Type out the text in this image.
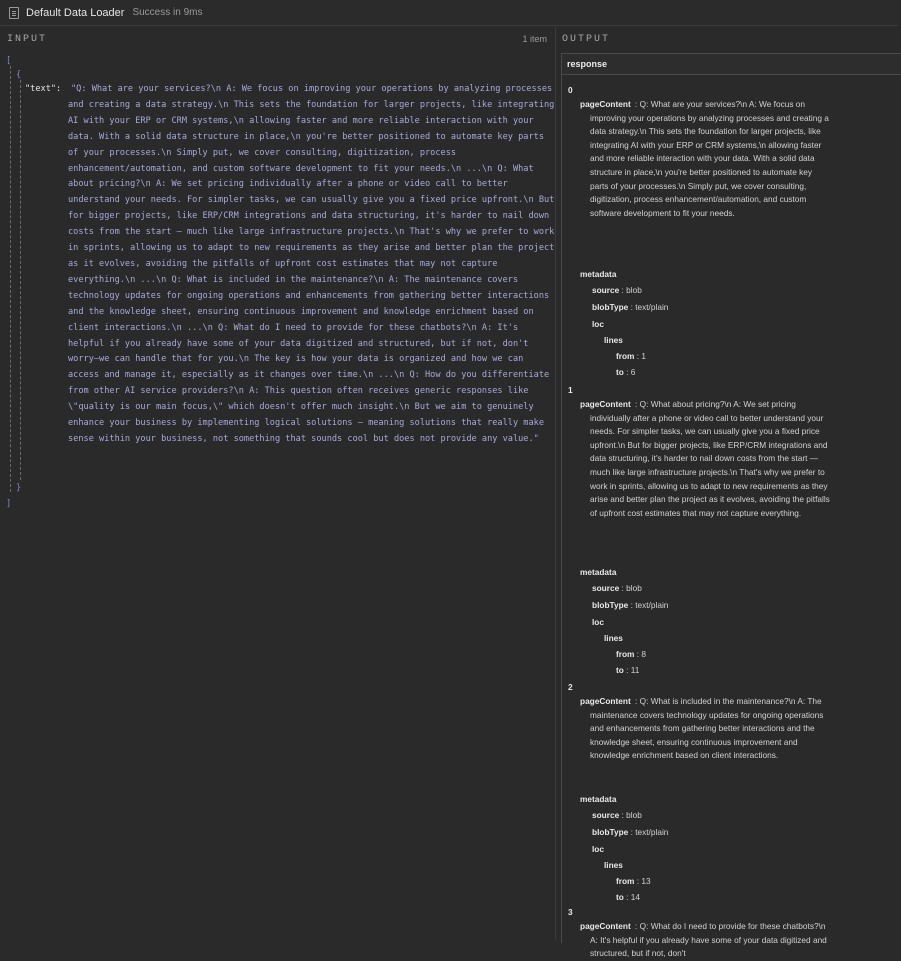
Default Data Loader Success in 9ms
INPUT	1 item
[
{
"text":	"Q: What are your services?\n A: We focus on improving your operations by analyzing processes and creating a data strategy.\n This sets the foundation for larger projects, like integrating AI with your ERP or CRM systems,\n allowing faster and more reliable interaction with your data. With a solid data structure in place,\n you're better positioned to automate key parts of your processes.\n Simply put, we cover consulting, digitization, process enhancement/automation, and custom software development to fit your needs.\n ...\n Q: What about pricing?\n A: We set pricing individually after a phone or video call to better understand your needs. For simpler tasks, we can usually give you a fixed price upfront.\n But for bigger projects, like ERP/CRM integrations and data structuring, it's harder to nail down costs from the start — much like large infrastructure projects.\n That's why we prefer to work in sprints, allowing us to adapt to new requirements as they arise and better plan the project as it evolves, avoiding the pitfalls of upfront cost estimates that may not capture everything.\n ...\n Q: What is included in the maintenance?\n A: The maintenance covers technology updates for ongoing operations and enhancements from gathering better interactions and the knowledge sheet, ensuring continuous improvement and knowledge enrichment based on client interactions.\n ...\n Q: What do I need to provide for these chatbots?\n A: It's helpful if you already have some of your data digitized and structured, but if not, don't worry—we can handle that for you.\n The key is how your data is organized and how we can access and manage it, especially as it changes over time.\n ...\n Q: How do you differentiate from other AI service providers?\n A: This question often receives generic responses like \"quality is our main focus,\" which doesn't offer much insight.\n But we aim to genuinely enhance your business by implementing logical solutions — meaning solutions that really make sense within your business, not something that sounds cool but does not provide any value."
}
]
OUTPUT
response
0
pageContent : Q: What are your services?\n A: We focus on improving your operations by analyzing processes and creating a data strategy.\n This sets the foundation for larger projects, like integrating AI with your ERP or CRM systems,\n allowing faster and more reliable interaction with your data. With a solid data structure in place,\n you're better positioned to automate key parts of your processes.\n Simply put, we cover consulting, digitization, process enhancement/automation, and custom software development to fit your needs.
metadata
source : blob
blobType : text/plain
loc
lines
from : 1
to : 6
1
pageContent : Q: What about pricing?\n A: We set pricing individually after a phone or video call to better understand your needs. For simpler tasks, we can usually give you a fixed price upfront.\n But for bigger projects, like ERP/CRM integrations and data structuring, it's harder to nail down costs from the start — much like large infrastructure projects.\n That's why we prefer to work in sprints, allowing us to adapt to new requirements as they arise and better plan the project as it evolves, avoiding the pitfalls of upfront cost estimates that may not capture everything.
metadata
source : blob
blobType : text/plain
loc
lines
from : 8
to : 11
2
pageContent : Q: What is included in the maintenance?\n A: The maintenance covers technology updates for ongoing operations and enhancements from gathering better interactions and the knowledge sheet, ensuring continuous improvement and knowledge enrichment based on client interactions.
metadata
source : blob
blobType : text/plain
loc
lines
from : 13
to : 14
3
pageContent : Q: What do I need to provide for these chatbots?\n A: It's helpful if you already have some of your data digitized and structured, but if not, don't
